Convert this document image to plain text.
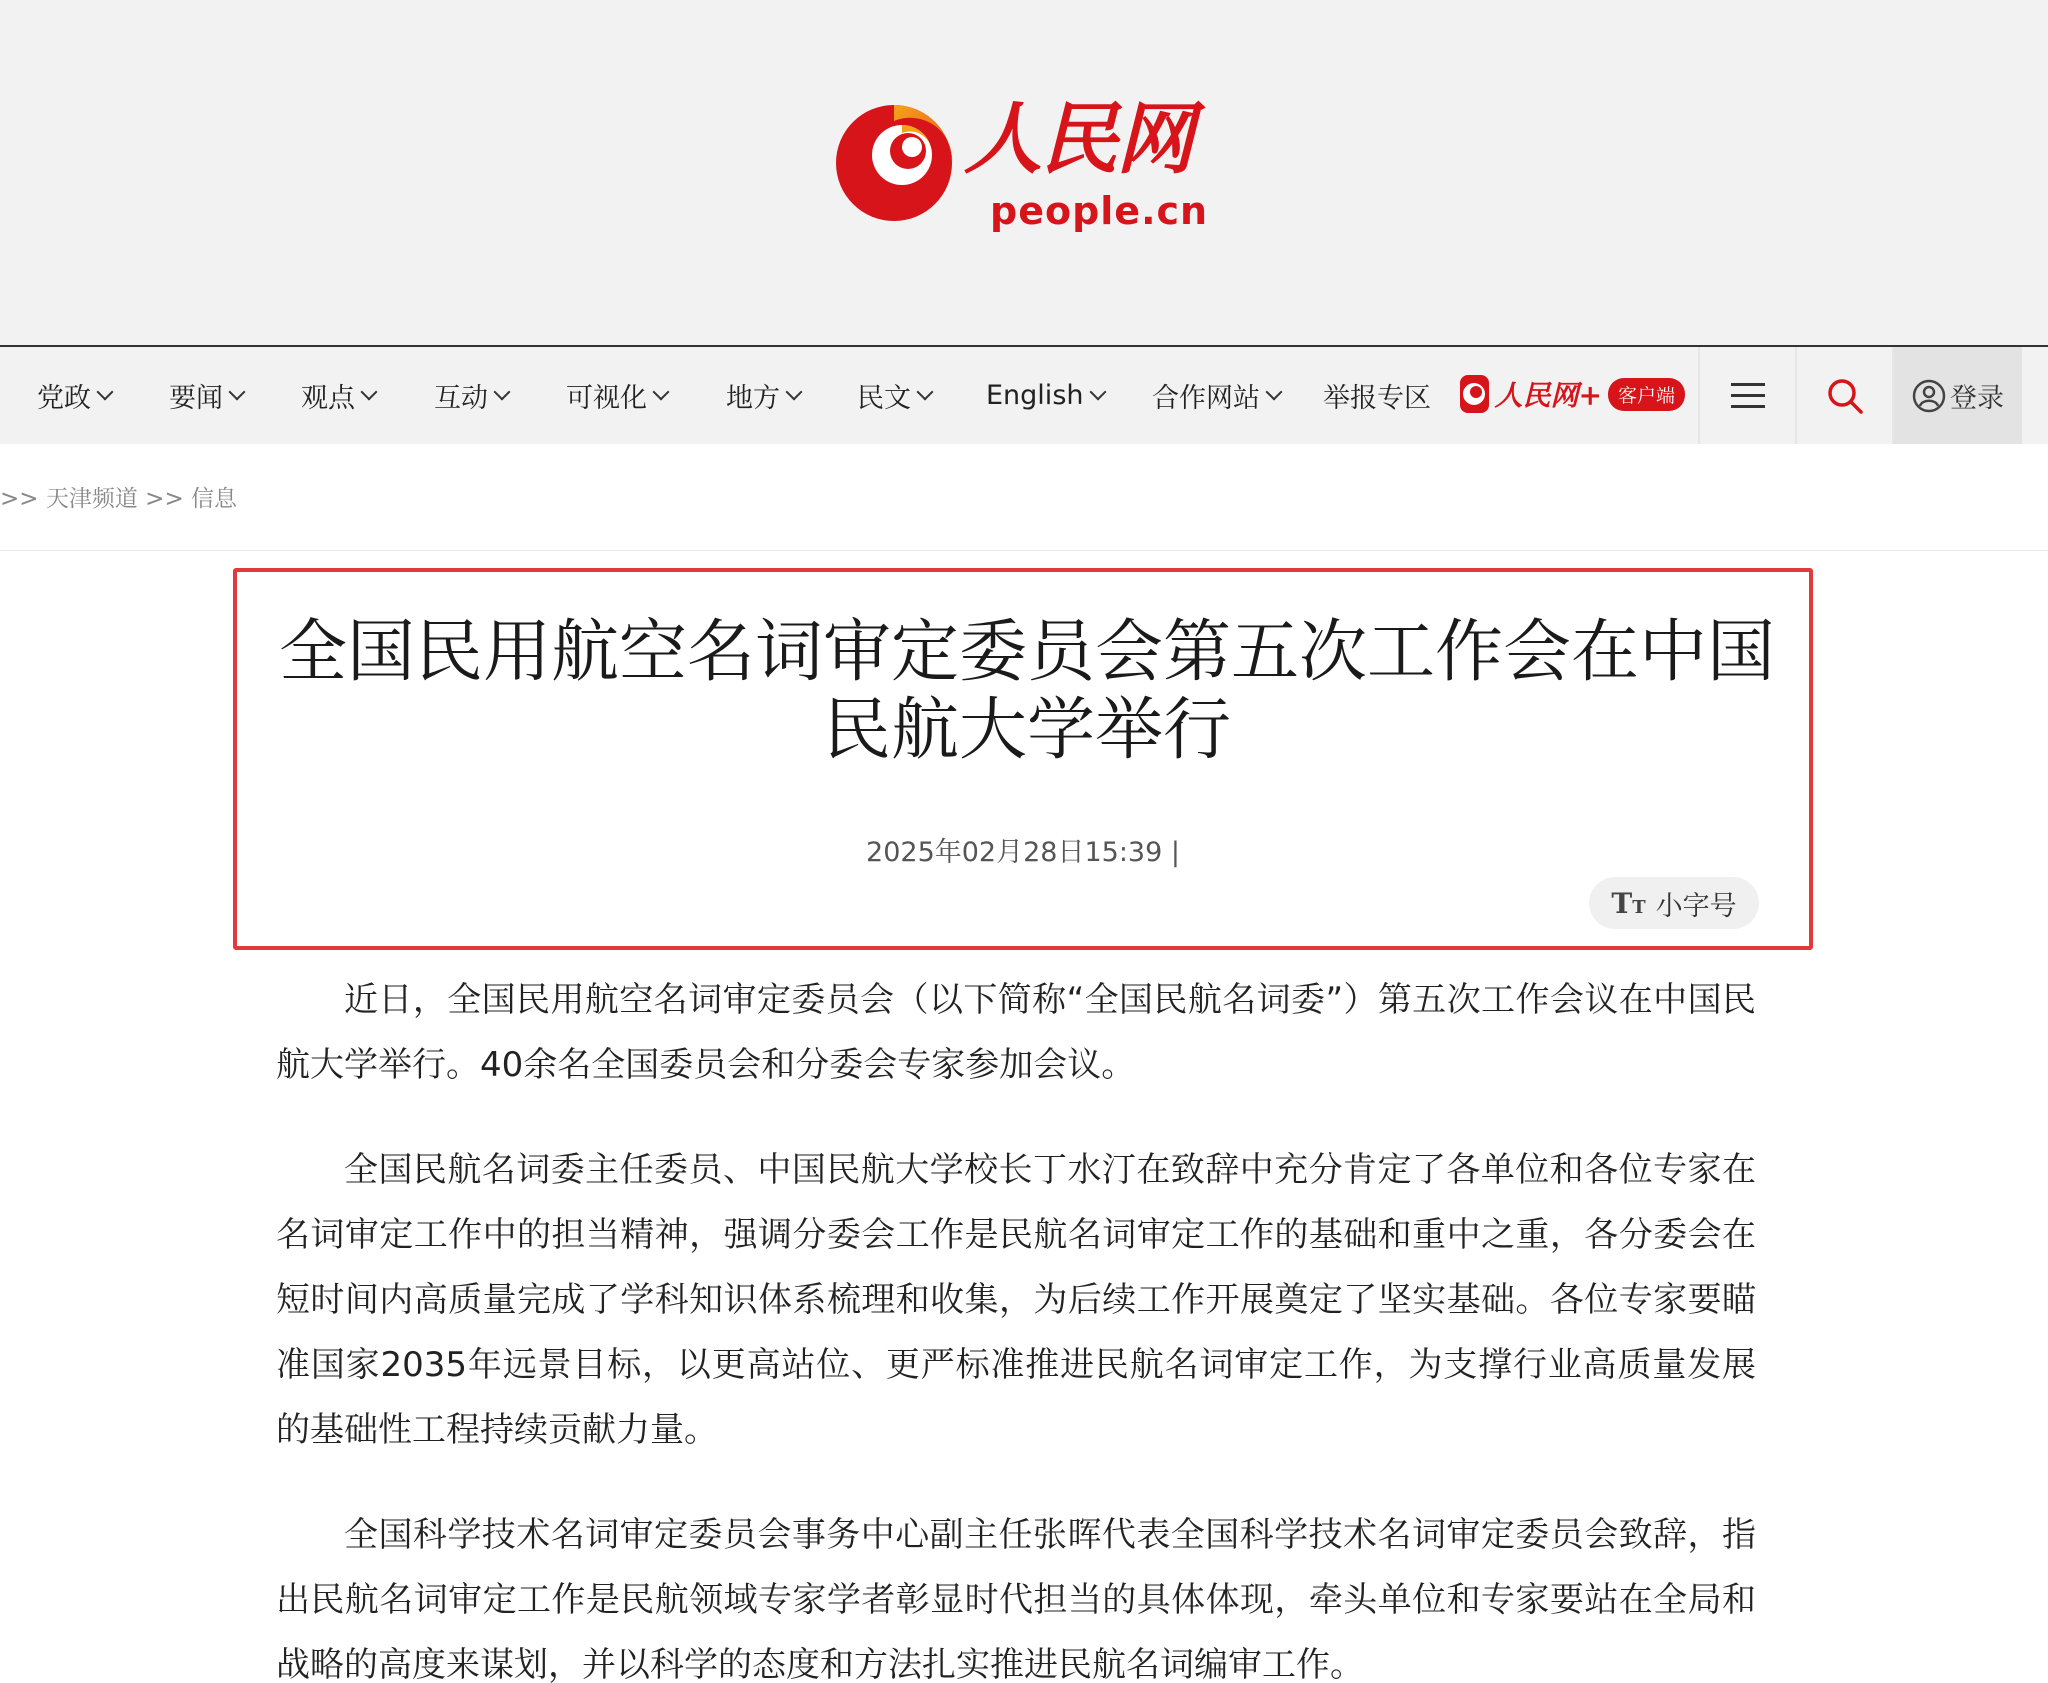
人民网
people.cn
党政	要闻	观点	互动	可视化	地方	民文	English	合作网站 举报专区 人民网+ 客户端	登录
>> 天津频道 >> 信息
全国民用航空名词审定委员会第五次工作会在中国
民航大学举行
2025年02月28日15:39 |
TT 小字号

近日，全国民用航空名词审定委员会（以下简称“全国民航名词委”）第五次工作会议在中国民航大学举行。40余名全国委员会和分委会专家参加会议。

全国民航名词委主任委员、中国民航大学校长丁水汀在致辞中充分肯定了各单位和各位专家在名词审定工作中的担当精神，强调分委会工作是民航名词审定工作的基础和重中之重，各分委会在短时间内高质量完成了学科知识体系梳理和收集，为后续工作开展奠定了坚实基础。各位专家要瞄准国家2035年远景目标，以更高站位、更严标准推进民航名词审定工作，为支撑行业高质量发展的基础性工程持续贡献力量。

全国科学技术名词审定委员会事务中心副主任张晖代表全国科学技术名词审定委员会致辞，指出民航名词审定工作是民航领域专家学者彰显时代担当的具体体现，牵头单位和专家要站在全局和战略的高度来谋划，并以科学的态度和方法扎实推进民航名词编审工作。
